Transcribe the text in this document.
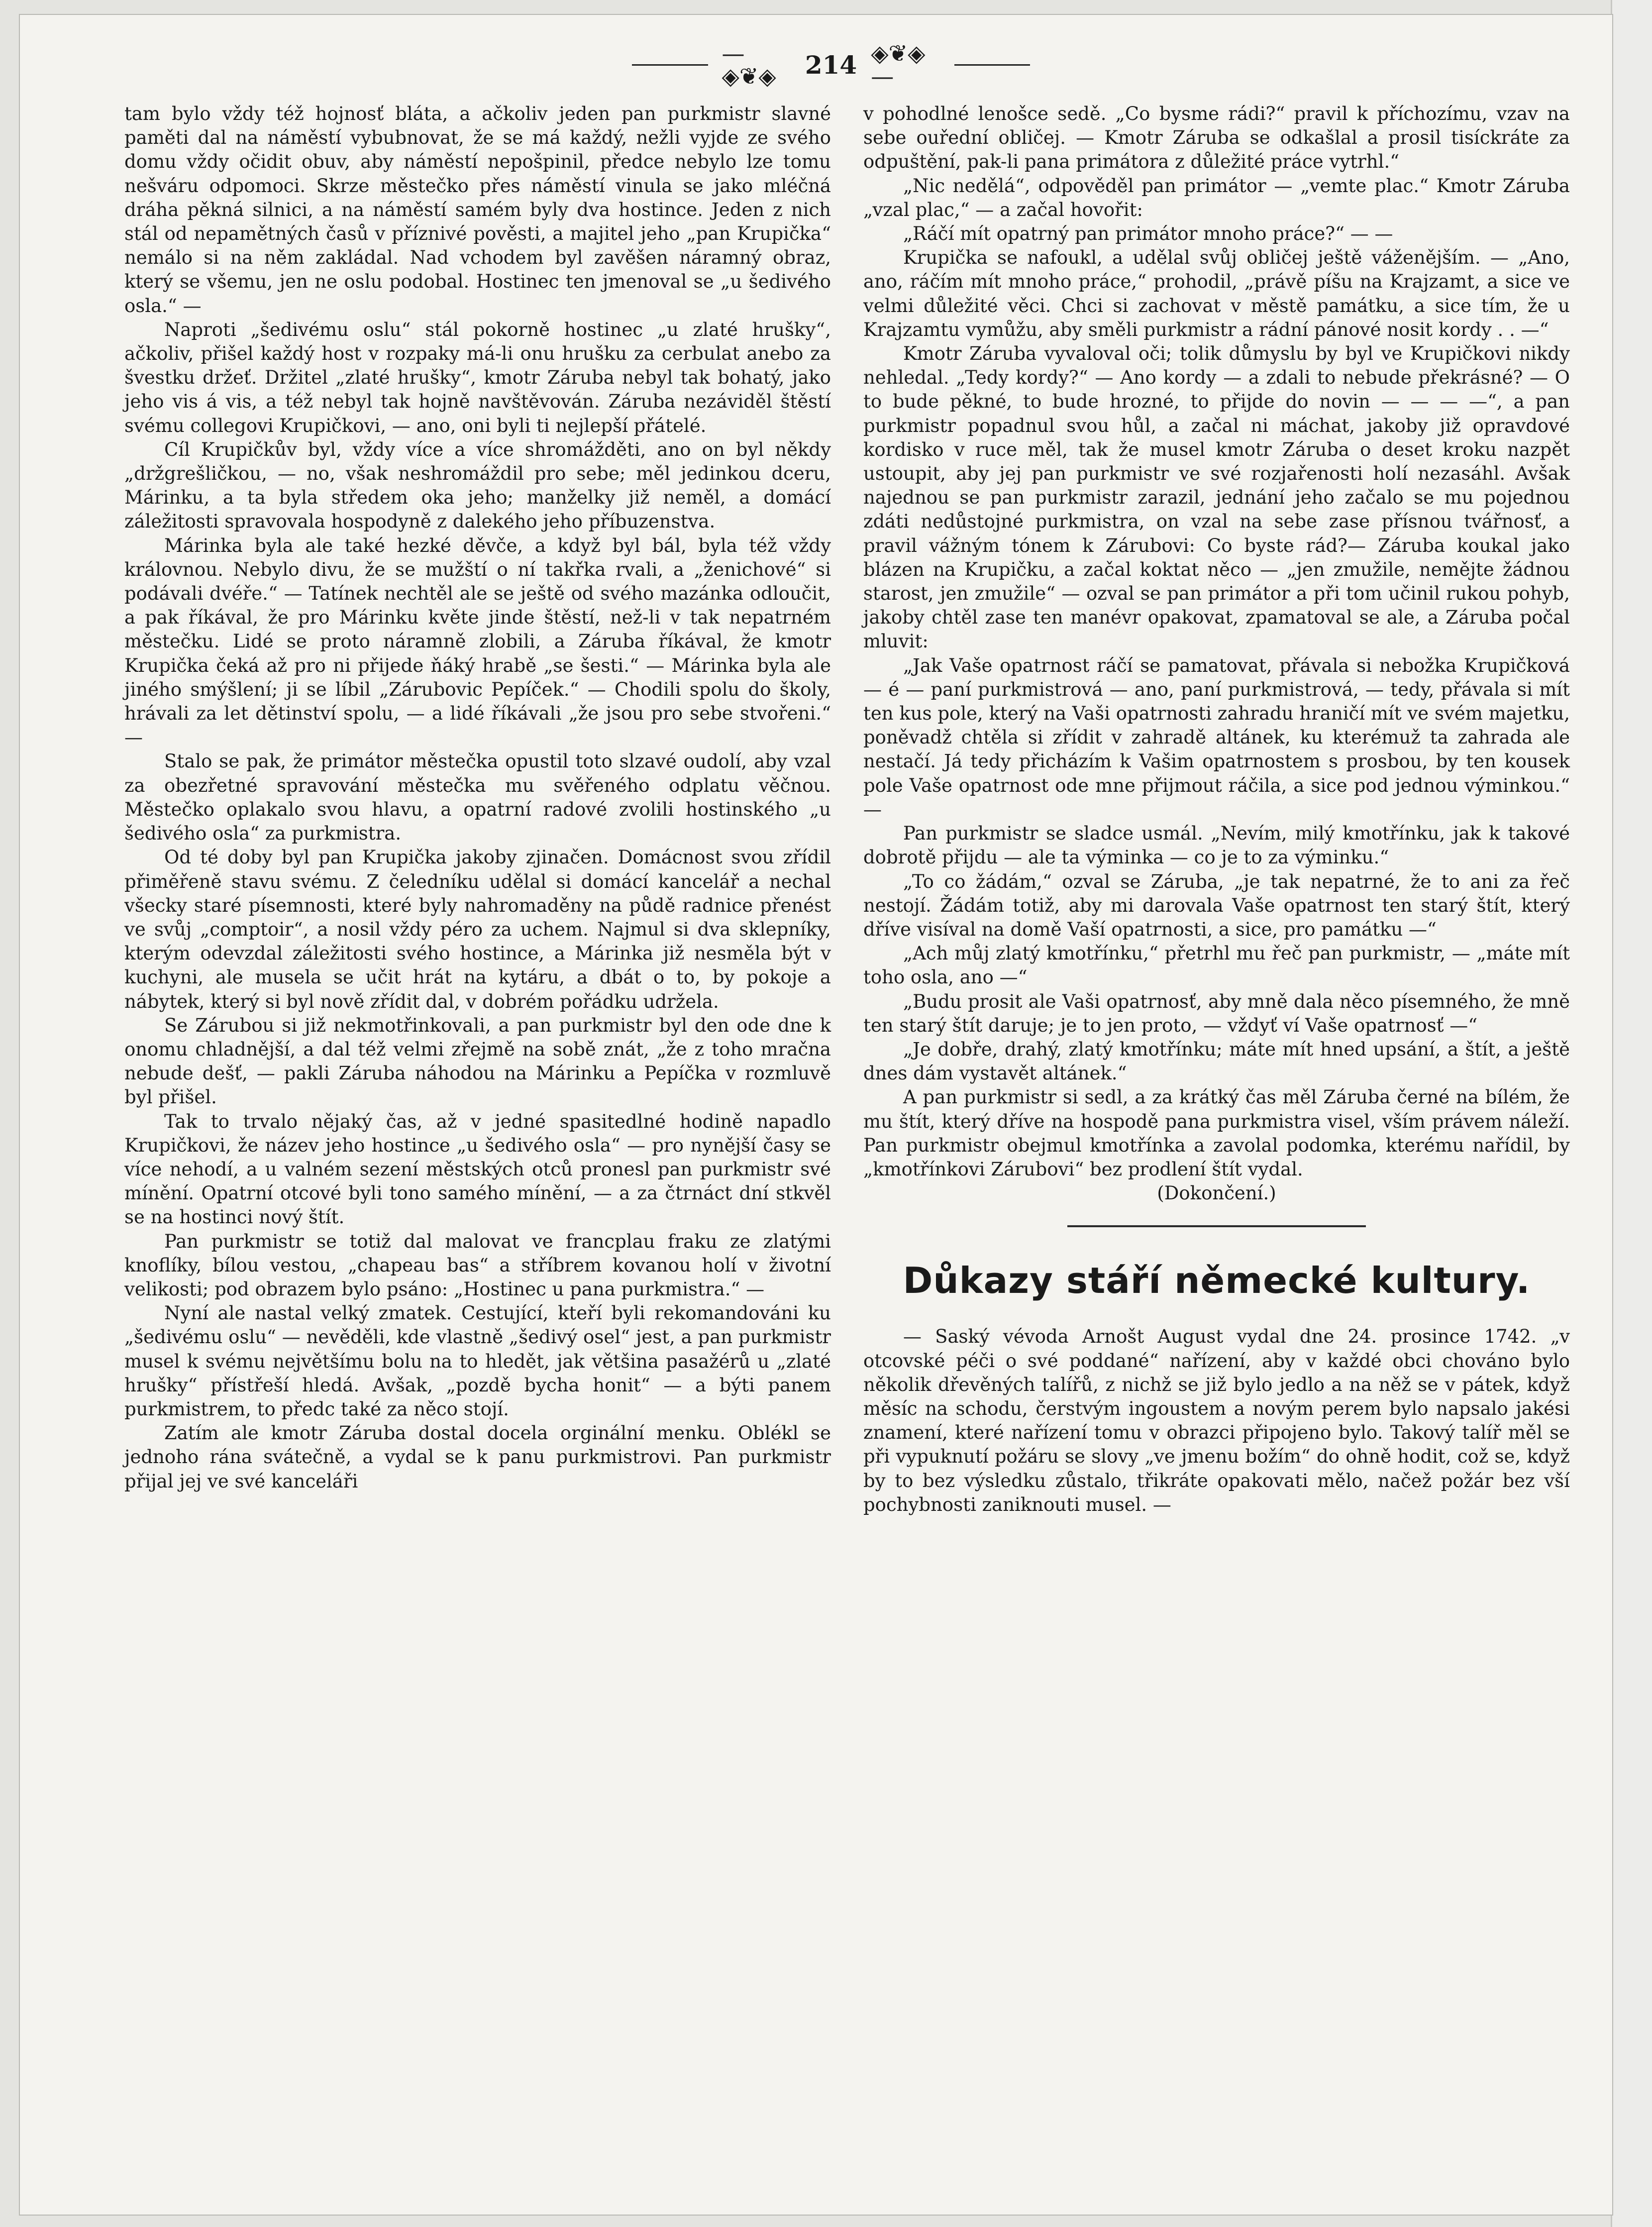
—◈❦◈	214 ◈❦◈—

tam bylo vždy též hojnosť bláta, a ačkoliv jeden pan purkmistr slavné paměti dal na náměstí vybubnovat, že se má každý, nežli vyjde ze svého domu vždy očidit obuv, aby náměstí nepošpinil, předce nebylo lze tomu nešváru odpomoci. Skrze městečko přes náměstí vinula se jako mléčná dráha pěkná silnici, a na náměstí samém byly dva hostince. Jeden z nich stál od nepamětných časů v příznivé pověsti, a majitel jeho „pan Krupička“ nemálo si na něm zakládal. Nad vchodem byl zavěšen náramný obraz, který se všemu, jen ne oslu podobal. Hostinec ten jmenoval se „u šedivého osla.“ —

Naproti „šedivému oslu“ stál pokorně hostinec „u zlaté hrušky“, ačkoliv, přišel každý host v rozpaky má-li onu hrušku za cerbulat anebo za švestku držeť. Držitel „zlaté hrušky“, kmotr Záruba nebyl tak bohatý, jako jeho vis á vis, a též nebyl tak hojně navštěvován. Záruba nezáviděl štěstí svému collegovi Krupičkovi, — ano, oni byli ti nejlepší přátelé.

Cíl Krupičkův byl, vždy více a více shromážděti, ano on byl někdy „držgrešličkou, — no, však neshromáždil pro sebe; měl jedinkou dceru, Márinku, a ta byla středem oka jeho; manželky již neměl, a domácí záležitosti spravovala hospodyně z dalekého jeho příbuzenstva.

Márinka byla ale také hezké děvče, a když byl bál, byla též vždy královnou. Nebylo divu, že se mužští o ní takřka rvali, a „ženichové“ si podávali dvéře.“ — Tatínek nechtěl ale se ještě od svého mazánka odloučit, a pak říkával, že pro Márinku květe jinde štěstí, než-li v tak nepatrném městečku. Lidé se proto náramně zlobili, a Záruba říkával, že kmotr Krupička čeká až pro ni přijede ňáký hrabě „se šesti.“ — Márinka byla ale jiného smýšlení; ji se líbil „Zárubovic Pepíček.“ — Chodili spolu do školy, hrávali za let dětinství spolu, — a lidé říkávali „že jsou pro sebe stvořeni.“ —

Stalo se pak, že primátor městečka opustil toto slzavé oudolí, aby vzal za obezřetné spravování městečka mu svěřeného odplatu věčnou. Městečko oplakalo svou hlavu, a opatrní radové zvolili hostinského „u šedivého osla“ za purkmistra.

Od té doby byl pan Krupička jakoby zjinačen. Domácnost svou zřídil přiměřeně stavu svému. Z čeledníku udělal si domácí kancelář a nechal všecky staré písemnosti, které byly nahromaděny na půdě radnice přenést ve svůj „comptoir“, a nosil vždy péro za uchem. Najmul si dva sklepníky, kterým odevzdal záležitosti svého hostince, a Márinka již nesměla být v kuchyni, ale musela se učit hrát na kytáru, a dbát o to, by pokoje a nábytek, který si byl nově zřídit dal, v dobrém pořádku udržela.

Se Zárubou si již nekmotřinkovali, a pan purkmistr byl den ode dne k onomu chladnější, a dal též velmi zřejmě na sobě znát, „že z toho mračna nebude dešť, — pakli Záruba náhodou na Márinku a Pepíčka v rozmluvě byl přišel.

Tak to trvalo nějaký čas, až v jedné spasitedlné hodině napadlo Krupičkovi, že název jeho hostince „u šedivého osla“ — pro nynější časy se více nehodí, a u valném sezení městských otců pronesl pan purkmistr své mínění. Opatrní otcové byli tono samého mínění, — a za čtrnáct dní stkvěl se na hostinci nový štít.

Pan purkmistr se totiž dal malovat ve francplau fraku ze zlatými knoflíky, bílou vestou, „chapeau bas“ a stříbrem kovanou holí v životní velikosti; pod obrazem bylo psáno: „Hostinec u pana purkmistra.“ —

Nyní ale nastal velký zmatek. Cestující, kteří byli rekomandováni ku „šedivému oslu“ — nevěděli, kde vlastně „šedivý osel“ jest, a pan purkmistr musel k svému největšímu bolu na to hledět, jak většina pasažérů u „zlaté hrušky“ přístřeší hledá. Avšak, „pozdě bycha honit“ — a býti panem purkmistrem, to předc také za něco stojí.

Zatím ale kmotr Záruba dostal docela orginální menku. Oblékl se jednoho rána svátečně, a vydal se k panu purkmistrovi. Pan purkmistr přijal jej ve své kanceláři

v pohodlné lenošce sedě. „Co bysme rádi?“ pravil k příchozímu, vzav na sebe ouřední obličej. — Kmotr Záruba se odkašlal a prosil tisíckráte za odpuštění, pak-li pana primátora z důležité práce vytrhl.“

„Nic nedělá“, odpověděl pan primátor — „vemte plac.“ Kmotr Záruba „vzal plac,“ — a začal hovořit:

„Ráčí mít opatrný pan primátor mnoho práce?“ — —

Krupička se nafoukl, a udělal svůj obličej ještě váženějším. — „Ano, ano, ráčím mít mnoho práce,“ prohodil, „právě píšu na Krajzamt, a sice ve velmi důležité věci. Chci si zachovat v městě památku, a sice tím, že u Krajzamtu vymůžu, aby směli purkmistr a rádní pánové nosit kordy . . —“

Kmotr Záruba vyvaloval oči; tolik důmyslu by byl ve Krupičkovi nikdy nehledal. „Tedy kordy?“ — Ano kordy — a zdali to nebude překrásné? — O to bude pěkné, to bude hrozné, to přijde do novin — — — —“, a pan purkmistr popadnul svou hůl, a začal ni máchat, jakoby již opravdové kordisko v ruce měl, tak že musel kmotr Záruba o deset kroku nazpět ustoupit, aby jej pan purkmistr ve své rozjařenosti holí nezasáhl. Avšak najednou se pan purkmistr zarazil, jednání jeho začalo se mu pojednou zdáti nedůstojné purkmistra, on vzal na sebe zase přísnou tvářnosť, a pravil vážným tónem k Zárubovi: Co byste rád?— Záruba koukal jako blázen na Krupičku, a začal koktat něco — „jen zmužile, nemějte žádnou starost, jen zmužile“ — ozval se pan primátor a při tom učinil rukou pohyb, jakoby chtěl zase ten manévr opakovat, zpamatoval se ale, a Záruba počal mluvit:

„Jak Vaše opatrnost ráčí se pamatovat, přávala si nebožka Krupičková — é — paní purkmistrová — ano, paní purkmistrová, — tedy, přávala si mít ten kus pole, který na Vaši opatrnosti zahradu hraničí mít ve svém majetku, poněvadž chtěla si zřídit v zahradě altánek, ku kterémuž ta zahrada ale nestačí. Já tedy přicházím k Vašim opatrnostem s prosbou, by ten kousek pole Vaše opatrnost ode mne přijmout ráčila, a sice pod jednou výminkou.“ —

Pan purkmistr se sladce usmál. „Nevím, milý kmotřínku, jak k takové dobrotě přijdu — ale ta výminka — co je to za výminku.“

„To co žádám,“ ozval se Záruba, „je tak nepatrné, že to ani za řeč nestojí. Žádám totiž, aby mi darovala Vaše opatrnost ten starý štít, který dříve visíval na domě Vaší opatrnosti, a sice, pro památku —“

„Ach můj zlatý kmotřínku,“ přetrhl mu řeč pan purkmistr, — „máte mít toho osla, ano —“

„Budu prosit ale Vaši opatrnosť, aby mně dala něco písemného, že mně ten starý štít daruje; je to jen proto, — vždyť ví Vaše opatrnosť —“

„Je dobře, drahý, zlatý kmotřínku; máte mít hned upsání, a štít, a ještě dnes dám vystavět altánek.“

A pan purkmistr si sedl, a za krátký čas měl Záruba černé na bílém, že mu štít, který dříve na hospodě pana purkmistra visel, vším právem náleží. Pan purkmistr obejmul kmotřínka a zavolal podomka, kterému nařídil, by „kmotřínkovi Zárubovi“ bez prodlení štít vydal.

(Dokončení.)

Důkazy stáří německé kultury.

— Saský vévoda Arnošt August vydal dne 24. prosince 1742. „v otcovské péči o své poddané“ nařízení, aby v každé obci chováno bylo několik dřevěných talířů, z nichž se již bylo jedlo a na něž se v pátek, když měsíc na schodu, čerstvým ingoustem a novým perem bylo napsalo jakési znamení, které nařízení tomu v obrazci připojeno bylo. Takový talíř měl se při vypuknutí požáru se slovy „ve jmenu božím“ do ohně hodit, což se, když by to bez výsledku zůstalo, třikráte opakovati mělo, načež požár bez vší pochybnosti zaniknouti musel. —
